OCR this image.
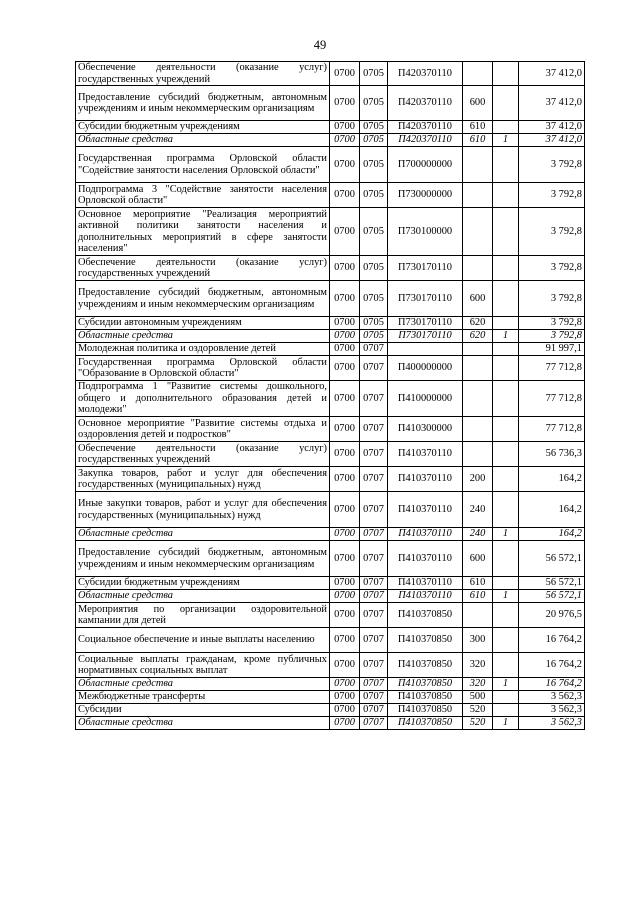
49
Обеспечение деятельности (оказание услуг) государственных учреждений	0700	0705	П420370110			37 412,0
Предоставление субсидий бюджетным, автономным учреждениям и иным некоммерческим организациям	0700	0705	П420370110	600		37 412,0
Субсидии бюджетным учреждениям	0700	0705	П420370110	610		37 412,0
Областные средства	0700	0705	П420370110	610	1	37 412,0
Государственная программа Орловской области "Содействие занятости населения Орловской области"	0700	0705	П700000000			3 792,8
Подпрограмма 3 "Содействие занятости населения Орловской области"	0700	0705	П730000000			3 792,8
Основное мероприятие "Реализация мероприятий активной политики занятости населения и дополнительных мероприятий в сфере занятости населения"	0700	0705	П730100000			3 792,8
Обеспечение деятельности (оказание услуг) государственных учреждений	0700	0705	П730170110			3 792,8
Предоставление субсидий бюджетным, автономным учреждениям и иным некоммерческим организациям	0700	0705	П730170110	600		3 792,8
Субсидии автономным учреждениям	0700	0705	П730170110	620		3 792,8
Областные средства	0700	0705	П730170110	620	1	3 792,8
Молодежная политика и оздоровление детей	0700	0707				91 997,1
Государственная программа Орловской области "Образование в Орловской области"	0700	0707	П400000000			77 712,8
Подпрограмма 1 "Развитие системы дошкольного, общего и дополнительного образования детей и молодежи"	0700	0707	П410000000			77 712,8
Основное мероприятие "Развитие системы отдыха и оздоровления детей и подростков"	0700	0707	П410300000			77 712,8
Обеспечение деятельности (оказание услуг) государственных учреждений	0700	0707	П410370110			56 736,3
Закупка товаров, работ и услуг для обеспечения государственных (муниципальных) нужд	0700	0707	П410370110	200		164,2
Иные закупки товаров, работ и услуг для обеспечения государственных (муниципальных) нужд	0700	0707	П410370110	240		164,2
Областные средства	0700	0707	П410370110	240	1	164,2
Предоставление субсидий бюджетным, автономным учреждениям и иным некоммерческим организациям	0700	0707	П410370110	600		56 572,1
Субсидии бюджетным учреждениям	0700	0707	П410370110	610		56 572,1
Областные средства	0700	0707	П410370110	610	1	56 572,1
Мероприятия по организации оздоровительной кампании для детей	0700	0707	П410370850			20 976,5
Социальное обеспечение и иные выплаты населению	0700	0707	П410370850	300		16 764,2
Социальные выплаты гражданам, кроме публичных нормативных социальных выплат	0700	0707	П410370850	320		16 764,2
Областные средства	0700	0707	П410370850	320	1	16 764,2
Межбюджетные трансферты	0700	0707	П410370850	500		3 562,3
Субсидии	0700	0707	П410370850	520		3 562,3
Областные средства	0700	0707	П410370850	520	1	3 562,3
